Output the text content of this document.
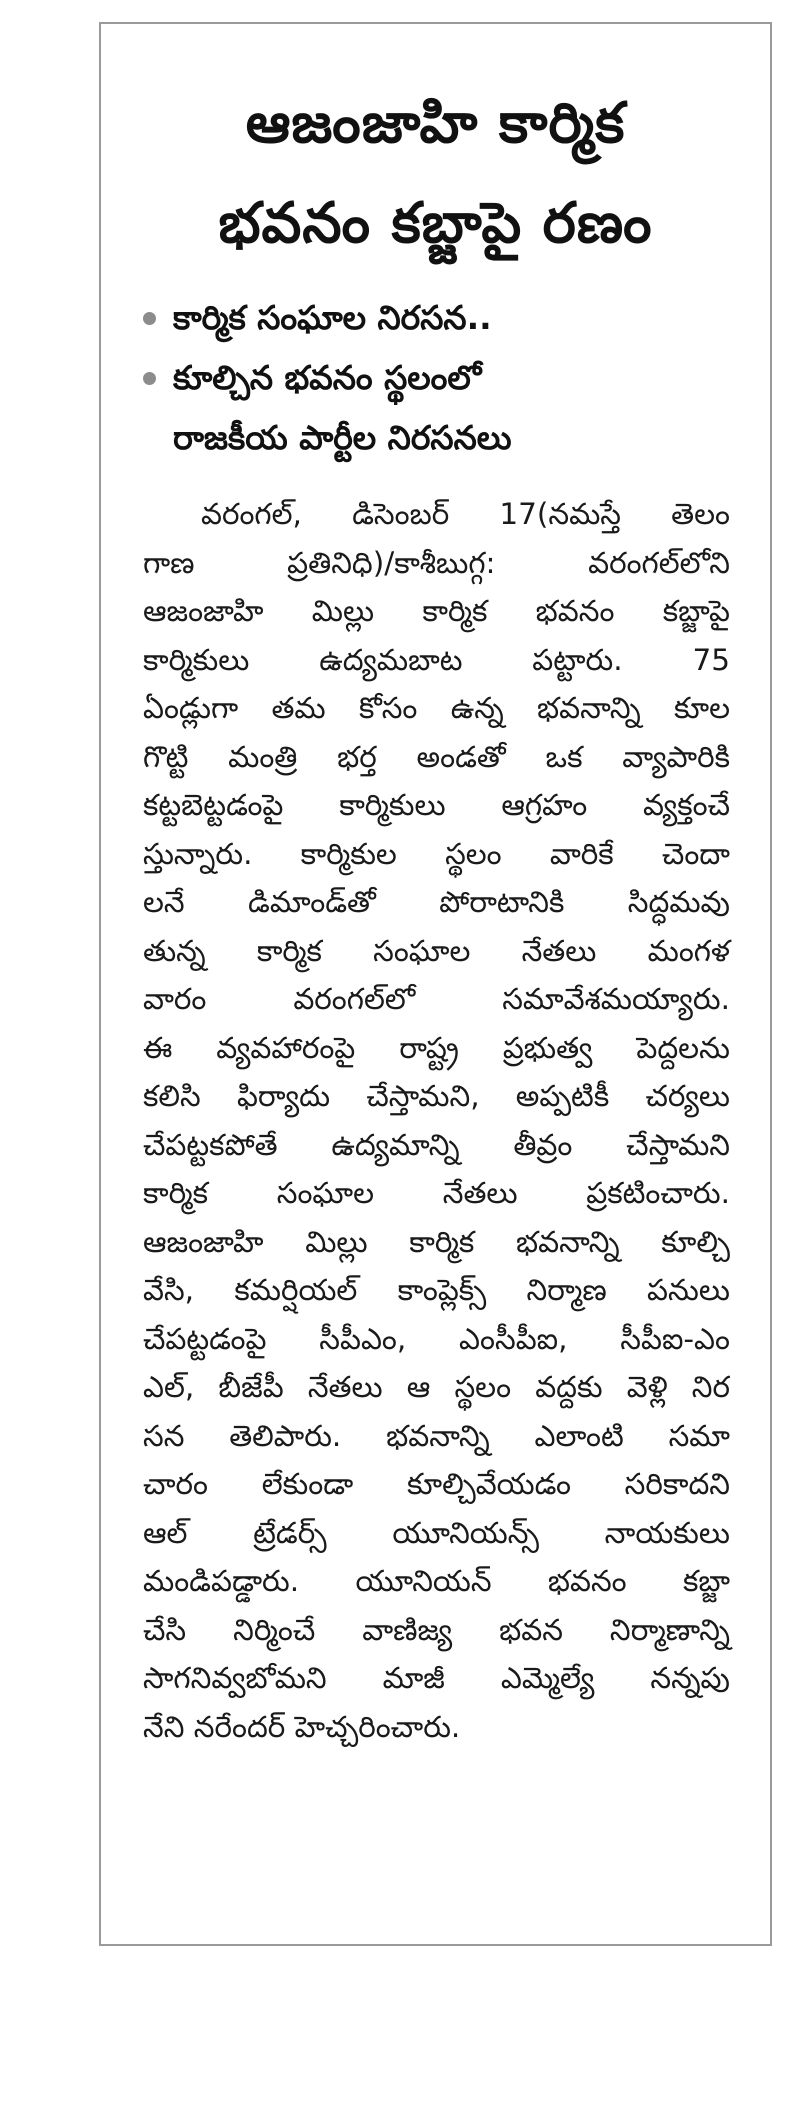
ఆజంజాహి కార్మిక
భవనం కబ్జాపై రణం
కార్మిక సంఘాల నిరసన..
కూల్చిన భవనం స్థలంలో
రాజకీయ పార్టీల నిరసనలు
వరంగల్‌, డిసెంబర్‌ 17(నమస్తే తెలం
గాణ ప్రతినిధి)/కాశీబుగ్గ: వరంగల్‌లోని
ఆజంజాహి మిల్లు కార్మిక భవనం కబ్జాపై
కార్మికులు ఉద్యమబాట పట్టారు. 75
ఏండ్లుగా తమ కోసం ఉన్న భవనాన్ని కూల
గొట్టి మంత్రి భర్త అండతో ఒక వ్యాపారికి
కట్టబెట్టడంపై కార్మికులు ఆగ్రహం వ్యక్తంచే
స్తున్నారు. కార్మికుల స్థలం వారికే చెందా
లనే డిమాండ్‌తో పోరాటానికి సిద్ధమవు
తున్న కార్మిక సంఘాల నేతలు మంగళ
వారం వరంగల్‌లో సమావేశమయ్యారు.
ఈ వ్యవహారంపై రాష్ట్ర ప్రభుత్వ పెద్దలను
కలిసి ఫిర్యాదు చేస్తామని, అప్పటికీ చర్యలు
చేపట్టకపోతే ఉద్యమాన్ని తీవ్రం చేస్తామని
కార్మిక సంఘాల నేతలు ప్రకటించారు.
ఆజంజాహి మిల్లు కార్మిక భవనాన్ని కూల్చి
వేసి, కమర్షియల్‌ కాంప్లెక్స్‌ నిర్మాణ పనులు
చేపట్టడంపై సీపీఎం, ఎంసీపీఐ, సీపీఐ-ఎం
ఎల్‌, బీజేపీ నేతలు ఆ స్థలం వద్దకు వెళ్లి నిర
సన తెలిపారు. భవనాన్ని ఎలాంటి సమా
చారం లేకుండా కూల్చివేయడం సరికాదని
ఆల్‌ ట్రేడర్స్‌ యూనియన్స్‌ నాయకులు
మండిపడ్డారు. యూనియన్‌ భవనం కబ్జా
చేసి నిర్మించే వాణిజ్య భవన నిర్మాణాన్ని
సాగనివ్వబోమని మాజీ ఎమ్మెల్యే నన్నపు
నేని నరేందర్‌ హెచ్చరించారు.
